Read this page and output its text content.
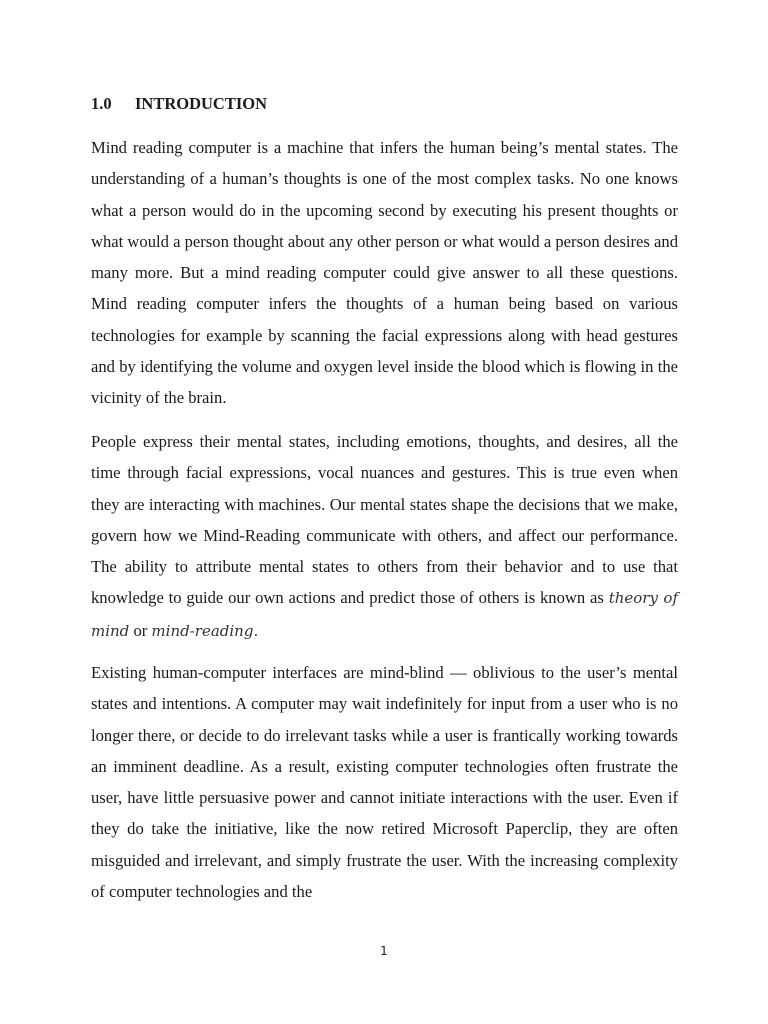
1.0 INTRODUCTION

Mind reading computer is a machine that infers the human being’s mental states. The understanding of a human’s thoughts is one of the most complex tasks. No one knows what a person would do in the upcoming second by executing his present thoughts or what would a person thought about any other person or what would a person desires and many more. But a mind reading computer could give answer to all these questions. Mind reading computer infers the thoughts of a human being based on various technologies for example by scanning the facial expressions along with head gestures and by identifying the volume and oxygen level inside the blood which is flowing in the vicinity of the brain.

People express their mental states, including emotions, thoughts, and desires, all the time through facial expressions, vocal nuances and gestures. This is true even when they are interacting with machines. Our mental states shape the decisions that we make, govern how we Mind-Reading communicate with others, and affect our performance. The ability to attribute mental states to others from their behavior and to use that knowledge to guide our own actions and predict those of others is known as theory of mind or mind-reading.

Existing human-computer interfaces are mind-blind — oblivious to the user’s mental states and intentions. A computer may wait indefinitely for input from a user who is no longer there, or decide to do irrelevant tasks while a user is frantically working towards an imminent deadline. As a result, existing computer technologies often frustrate the user, have little persuasive power and cannot initiate interactions with the user. Even if they do take the initiative, like the now retired Microsoft Paperclip, they are often misguided and irrelevant, and simply frustrate the user. With the increasing complexity of computer technologies and the

1
